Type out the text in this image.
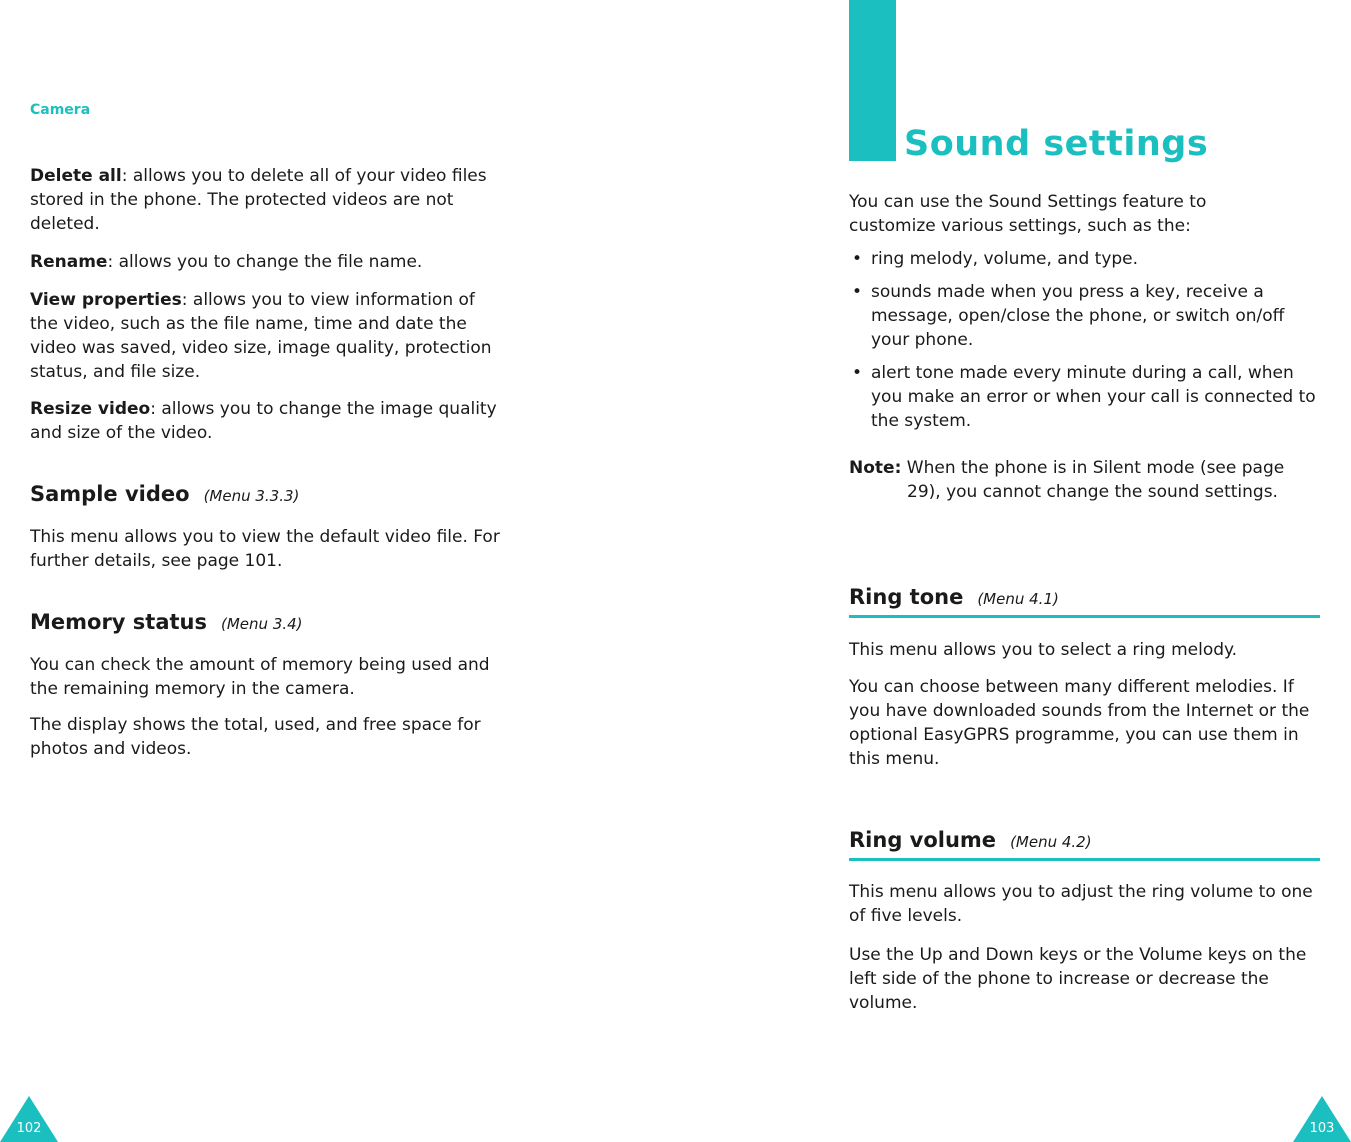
Camera

Delete all: allows you to delete all of your video files stored in the phone. The protected videos are not deleted.

Rename: allows you to change the file name.

View properties: allows you to view information of the video, such as the file name, time and date the video was saved, video size, image quality, protection status, and file size.

Resize video: allows you to change the image quality and size of the video.

Sample video (Menu 3.3.3)

This menu allows you to view the default video file. For further details, see page 101.

Memory status (Menu 3.4)

You can check the amount of memory being used and the remaining memory in the camera.

The display shows the total, used, and free space for photos and videos.

102
Sound settings

You can use the Sound Settings feature to customize various settings, such as the:

• ring melody, volume, and type.

• sounds made when you press a key, receive a message, open/close the phone, or switch on/off your phone.

• alert tone made every minute during a call, when you make an error or when your call is connected to the system.

Note: When the phone is in Silent mode (see page 29), you cannot change the sound settings.

Ring tone (Menu 4.1)

This menu allows you to select a ring melody.

You can choose between many different melodies. If you have downloaded sounds from the Internet or the optional EasyGPRS programme, you can use them in this menu.

Ring volume (Menu 4.2)

This menu allows you to adjust the ring volume to one of five levels.

Use the Up and Down keys or the Volume keys on the left side of the phone to increase or decrease the volume.

103
